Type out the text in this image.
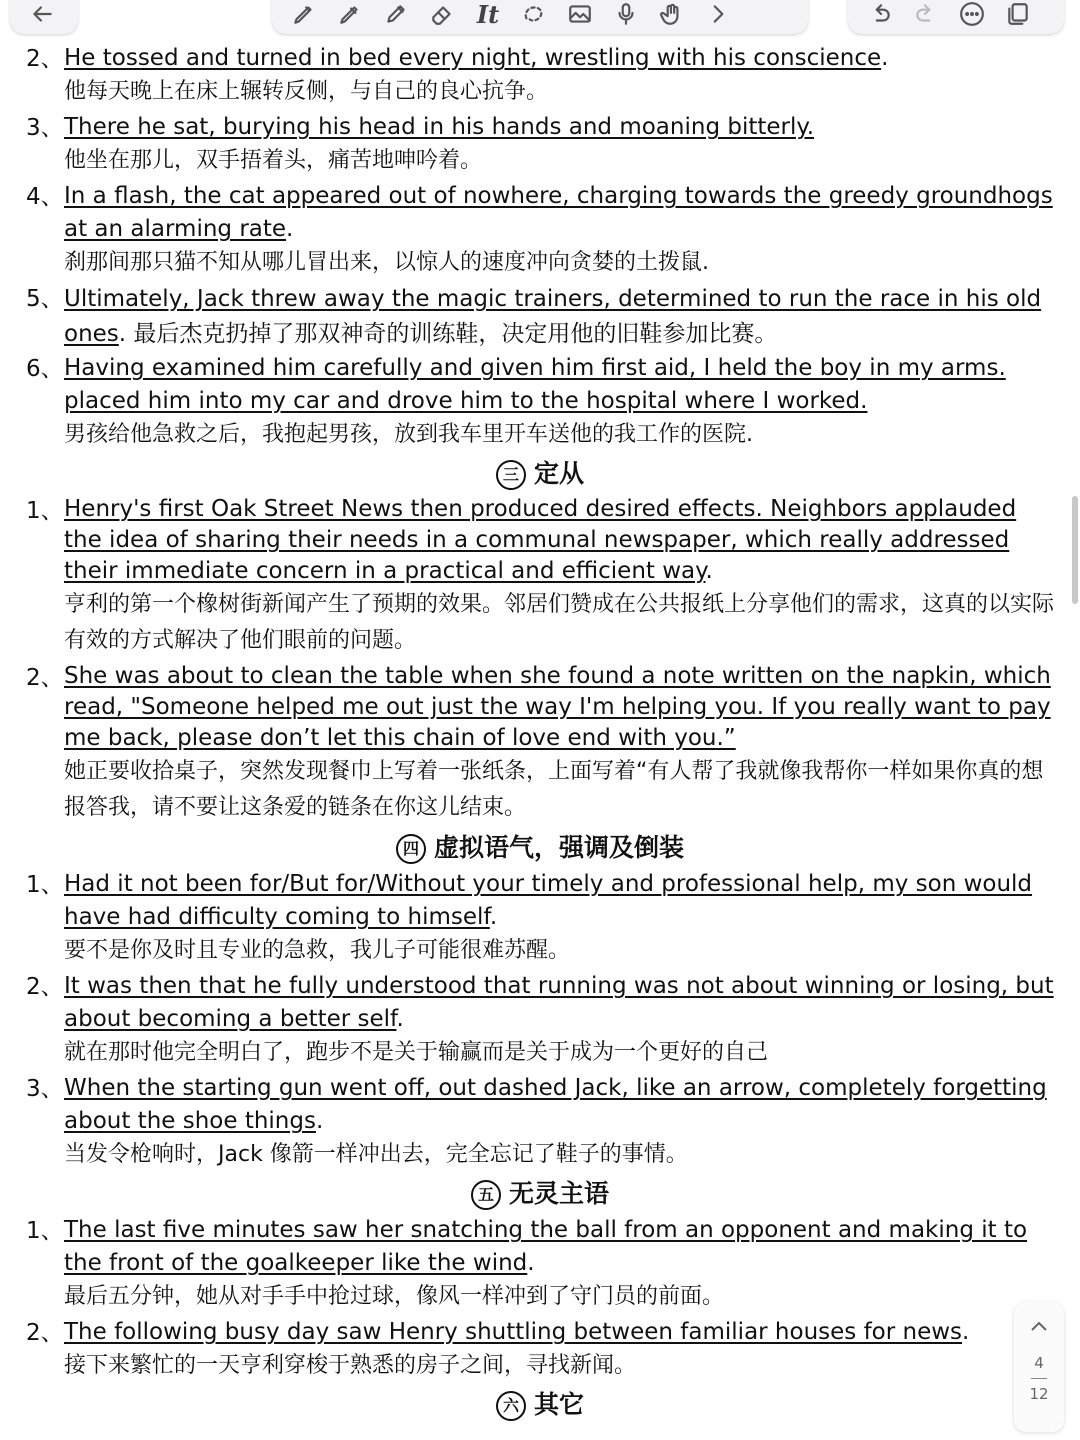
It
2、 He tossed and turned in bed every night, wrestling with his conscience.
他每天晚上在床上辗转反侧，与自己的良心抗争。
3、 There he sat, burying his head in his hands and moaning bitterly.
他坐在那儿，双手捂着头，痛苦地呻吟着。
4、 In a flash, the cat appeared out of nowhere, charging towards the greedy groundhogs at an alarming rate.
刹那间那只猫不知从哪儿冒出来，以惊人的速度冲向贪婪的土拨鼠.
5、 Ultimately, Jack threw away the magic trainers, determined to run the race in his old ones. 最后杰克扔掉了那双神奇的训练鞋，决定用他的旧鞋参加比赛。
6、 Having examined him carefully and given him first aid, I held the boy in my arms. placed him into my car and drove him to the hospital where I worked.
男孩给他急救之后，我抱起男孩，放到我车里开车送他的我工作的医院.
三 定从
1、 Henry's first Oak Street News then produced desired effects. Neighbors applauded the idea of sharing their needs in a communal newspaper, which really addressed their immediate concern in a practical and efficient way.
亨利的第一个橡树街新闻产生了预期的效果。邻居们赞成在公共报纸上分享他们的需求，这真的以实际有效的方式解决了他们眼前的问题。
2、 She was about to clean the table when she found a note written on the napkin, which read, "Someone helped me out just the way I'm helping you. If you really want to pay me back, please don’t let this chain of love end with you.”
她正要收拾桌子，突然发现餐巾上写着一张纸条，上面写着“有人帮了我就像我帮你一样如果你真的想报答我，请不要让这条爱的链条在你这儿结束。
四 虚拟语气，强调及倒装
1、 Had it not been for/But for/Without your timely and professional help, my son would have had difficulty coming to himself.
要不是你及时且专业的急救，我儿子可能很难苏醒。
2、 It was then that he fully understood that running was not about winning or losing, but about becoming a better self.
就在那时他完全明白了，跑步不是关于输赢而是关于成为一个更好的自己
3、 When the starting gun went off, out dashed Jack, like an arrow, completely forgetting about the shoe things.
当发令枪响时，Jack 像箭一样冲出去，完全忘记了鞋子的事情。
五 无灵主语
1、 The last five minutes saw her snatching the ball from an opponent and making it to the front of the goalkeeper like the wind.
最后五分钟，她从对手手中抢过球，像风一样冲到了守门员的前面。
2、 The following busy day saw Henry shuttling between familiar houses for news.
接下来繁忙的一天亨利穿梭于熟悉的房子之间，寻找新闻。
六 其它
4
12
